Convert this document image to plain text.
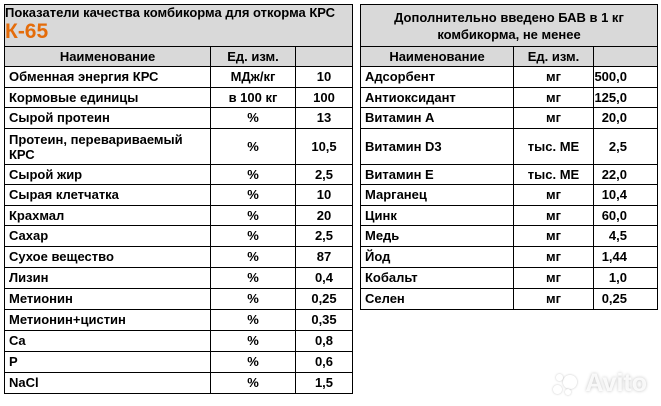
Показатели качества комбикорма для откорма КРС
К-65				Дополнительно введено БАВ в 1 кг комбикорма, не менее		
Наименование	Ед. изм.			Наименование	Ед. изм.	
Обменная энергия КРС	МДж/кг	10		Адсорбент	мг	500,0
Кормовые единицы	в 100 кг	100		Антиоксидант	мг	125,0
Сырой протеин	%	13		Витамин А	мг	20,0
Протеин, перевариваемый КРС	%	10,5		Витамин D3	тыс. МЕ	2,5
Сырой жир	%	2,5		Витамин Е	тыс. МЕ	22,0
Сырая клетчатка	%	10		Марганец	мг	10,4
Крахмал	%	20		Цинк	мг	60,0
Сахар	%	2,5		Медь	мг	4,5
Сухое вещество	%	87		Йод	мг	1,44
Лизин	%	0,4		Кобальт	мг	1,0
Метионин	%	0,25		Селен	мг	0,25
Метионин+цистин	%	0,35				
Ca	%	0,8				
P	%	0,6				
NaCl	%	1,5					Avito
